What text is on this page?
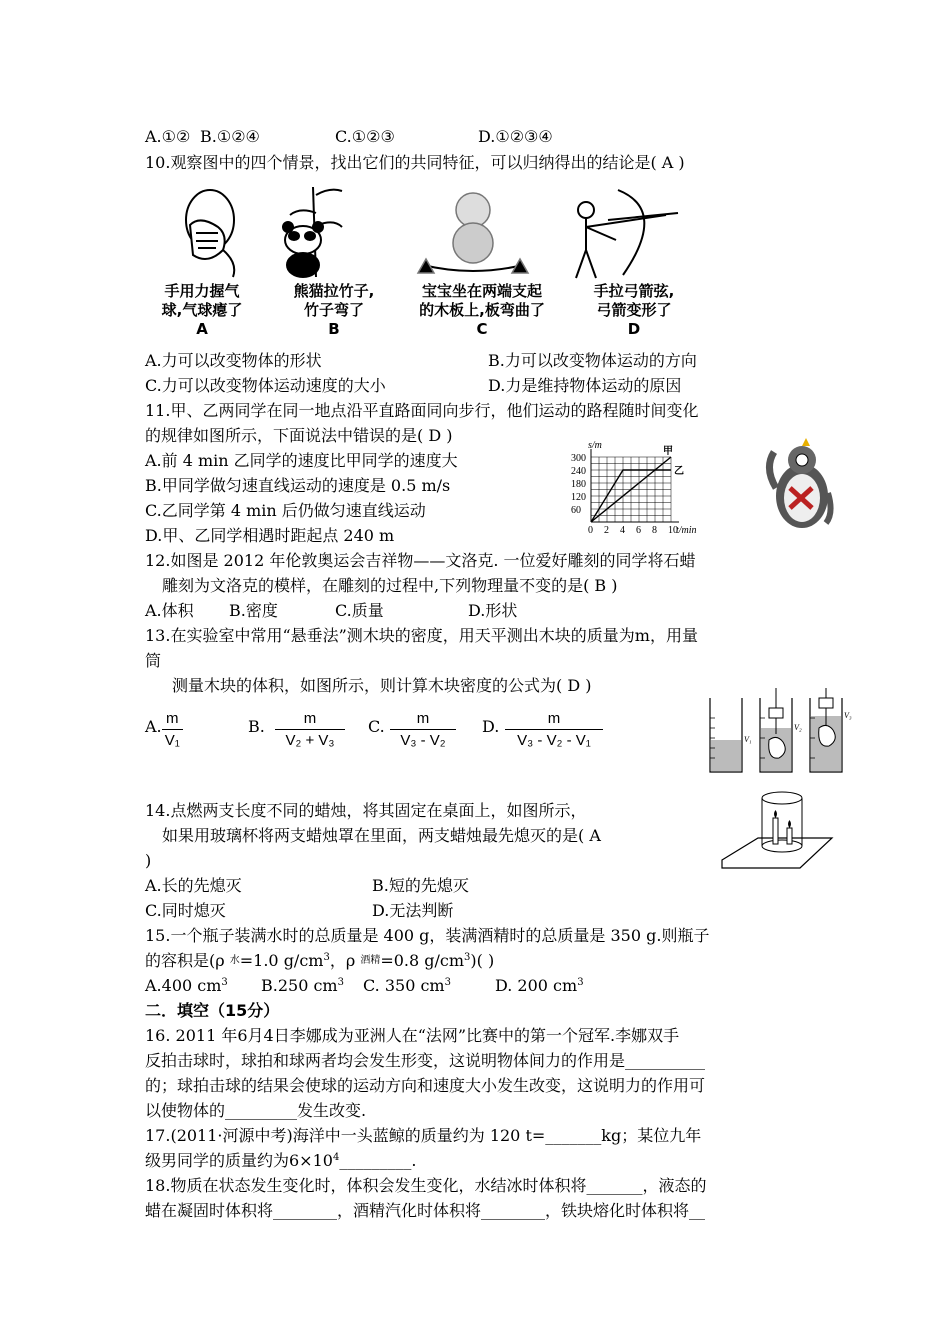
A.①② B.①②④	C.①②③	D.①②③④
10.观察图中的四个情景，找出它们的共同特征，可以归纳得出的结论是( A )
手用力握气
球,气球瘪了
A
熊猫拉竹子,
竹子弯了
B
宝宝坐在两端支起
的木板上,板弯曲了
C
手拉弓箭弦,
弓箭变形了
D
A.力可以改变物体的形状	B.力可以改变物体运动的方向
C.力可以改变物体运动速度的大小	D.力是维持物体运动的原因
11.甲、乙两同学在同一地点沿平直路面同向步行，他们运动的路程随时间变化
的规律如图所示，下面说法中错误的是( D )
A.前 4 min 乙同学的速度比甲同学的速度大
B.甲同学做匀速直线运动的速度是 0.5 m/s
C.乙同学第 4 min 后仍做匀速直线运动
D.甲、乙同学相遇时距起点 240 m
s/m
t/min
0 2 4 6 8 10
60
120
180
240
300
甲
乙
12.如图是 2012 年伦敦奥运会吉祥物——文洛克. 一位爱好雕刻的同学将石蜡
雕刻为文洛克的模样，在雕刻的过程中,下列物理量不变的是( B )
A.体积 B.密度	C.质量	D.形状
13.在实验室中常用“悬垂法”测木块的密度，用天平测出木块的质量为m，用量
筒
测量木块的体积，如图所示，则计算木块密度的公式为( D )
A. $\frac{m}{\text{V₁}}$	B. $\frac{m}{\text{V₂ + V₃}} C$. $\frac{m}{\text{V₃ - V₂}} D$. $\frac{m}{\text{V₃ - V₂ - V₁}}$	V₁
V₂
V₃
14.点燃两支长度不同的蜡烛，将其固定在桌面上，如图所示，
如果用玻璃杯将两支蜡烛罩在里面，两支蜡烛最先熄灭的是( A
)
A.长的先熄灭	B.短的先熄灭
C.同时熄灭	D.无法判断
15.一个瓶子装满水时的总质量是 400 g，装满酒精时的总质量是 350 g.则瓶子
的容积是(ρ 水=1.0 $g/cm^3$，ρ 酒精=0.8 $g/cm^3$)( )
A.400 $cm^3$ B.250 $cm^3$ C. 350 $cm^3$	D. 200 $cm^3$
二．填空（15分）
16. 2011 年6月4日李娜成为亚洲人在“法网”比赛中的第一个冠军.李娜双手
反拍击球时，球拍和球两者均会发生形变，这说明物体间力的作用是__________
的；球拍击球的结果会使球的运动方向和速度大小发生改变，这说明力的作用可
以使物体的_________发生改变.
17.(2011·河源中考)海洋中一头蓝鲸的质量约为 120 t=_______kg；某位九年
级男同学的质量约为$6\times 10^4\_\_\_\_\_\_\_\_\_$.
18.物质在状态发生变化时，体积会发生变化，水结冰时体积将_______，液态的
蜡在凝固时体积将________，酒精汽化时体积将________，铁块熔化时体积将__
